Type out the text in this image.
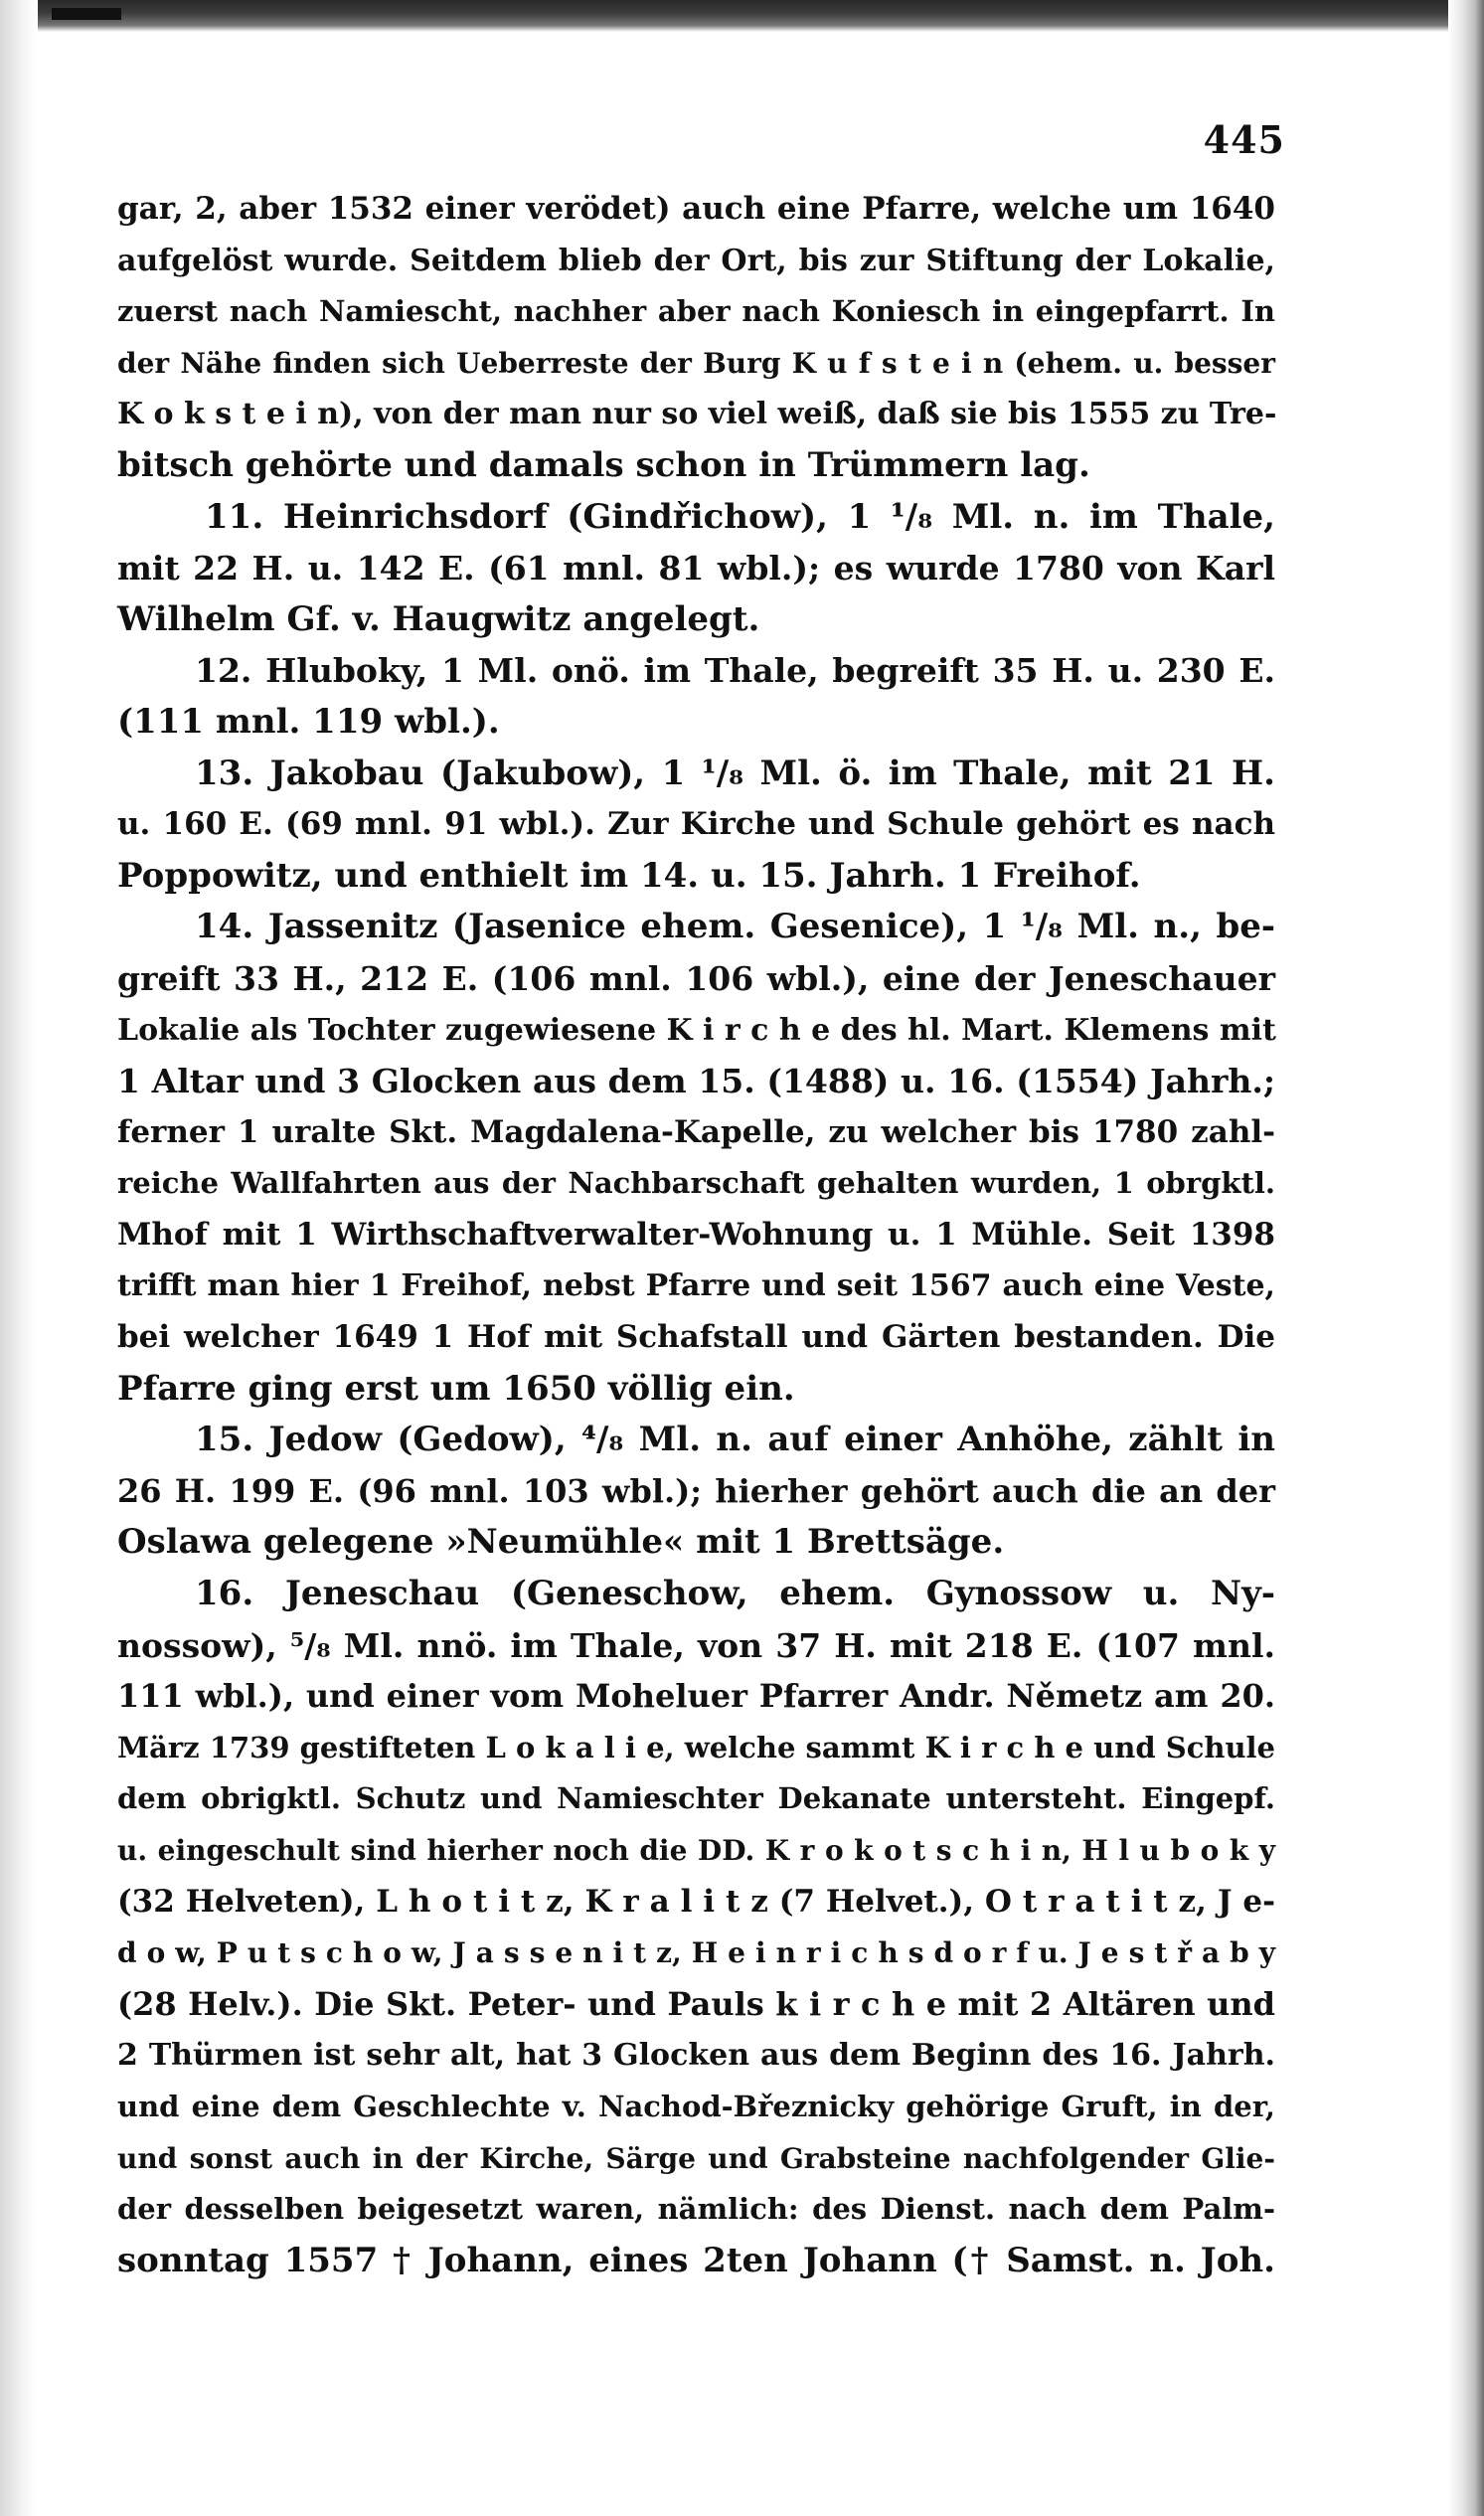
445
gar, 2, aber 1532 einer verödet) auch eine Pfarre, welche um 1640
aufgelöst wurde. Seitdem blieb der Ort, bis zur Stiftung der Lokalie,
zuerst nach Namiescht, nachher aber nach Koniesch in eingepfarrt. In
der Nähe finden sich Ueberreste der Burg K u f s t e i n (ehem. u. besser
K o k s t e i n), von der man nur so viel weiß, daß sie bis 1555 zu Tre-
bitsch gehörte und damals schon in Trümmern lag.
11. Heinrichsdorf (Gindřichow), 1 ¹/₈ Ml. n. im Thale,
mit 22 H. u. 142 E. (61 mnl. 81 wbl.); es wurde 1780 von Karl
Wilhelm Gf. v. Haugwitz angelegt.
12. Hluboky, 1 Ml. onö. im Thale, begreift 35 H. u. 230 E.
(111 mnl. 119 wbl.).
13. Jakobau (Jakubow), 1 ¹/₈ Ml. ö. im Thale, mit 21 H.
u. 160 E. (69 mnl. 91 wbl.). Zur Kirche und Schule gehört es nach
Poppowitz, und enthielt im 14. u. 15. Jahrh. 1 Freihof.
14. Jassenitz (Jasenice ehem. Gesenice), 1 ¹/₈ Ml. n., be-
greift 33 H., 212 E. (106 mnl. 106 wbl.), eine der Jeneschauer
Lokalie als Tochter zugewiesene K i r c h e des hl. Mart. Klemens mit
1 Altar und 3 Glocken aus dem 15. (1488) u. 16. (1554) Jahrh.;
ferner 1 uralte Skt. Magdalena-Kapelle, zu welcher bis 1780 zahl-
reiche Wallfahrten aus der Nachbarschaft gehalten wurden, 1 obrgktl.
Mhof mit 1 Wirthschaftverwalter-Wohnung u. 1 Mühle. Seit 1398
trifft man hier 1 Freihof, nebst Pfarre und seit 1567 auch eine Veste,
bei welcher 1649 1 Hof mit Schafstall und Gärten bestanden. Die
Pfarre ging erst um 1650 völlig ein.
15. Jedow (Gedow), ⁴/₈ Ml. n. auf einer Anhöhe, zählt in
26 H. 199 E. (96 mnl. 103 wbl.); hierher gehört auch die an der
Oslawa gelegene »Neumühle« mit 1 Brettsäge.
16. Jeneschau (Geneschow, ehem. Gynossow u. Ny-
nossow), ⁵/₈ Ml. nnö. im Thale, von 37 H. mit 218 E. (107 mnl.
111 wbl.), und einer vom Moheluer Pfarrer Andr. Němetz am 20.
März 1739 gestifteten L o k a l i e, welche sammt K i r c h e und Schule
dem obrigktl. Schutz und Namieschter Dekanate untersteht. Eingepf.
u. eingeschult sind hierher noch die DD. K r o k o t s c h i n, H l u b o k y
(32 Helveten), L h o t i t z, K r a l i t z (7 Helvet.), O t r a t i t z, J e-
d o w, P u t s c h o w, J a s s e n i t z, H e i n r i c h s d o r f u. J e s t ř a b y
(28 Helv.). Die Skt. Peter- und Pauls k i r c h e mit 2 Altären und
2 Thürmen ist sehr alt, hat 3 Glocken aus dem Beginn des 16. Jahrh.
und eine dem Geschlechte v. Nachod-Březnicky gehörige Gruft, in der,
und sonst auch in der Kirche, Särge und Grabsteine nachfolgender Glie-
der desselben beigesetzt waren, nämlich: des Dienst. nach dem Palm-
sonntag 1557 † Johann, eines 2ten Johann († Samst. n. Joh.
